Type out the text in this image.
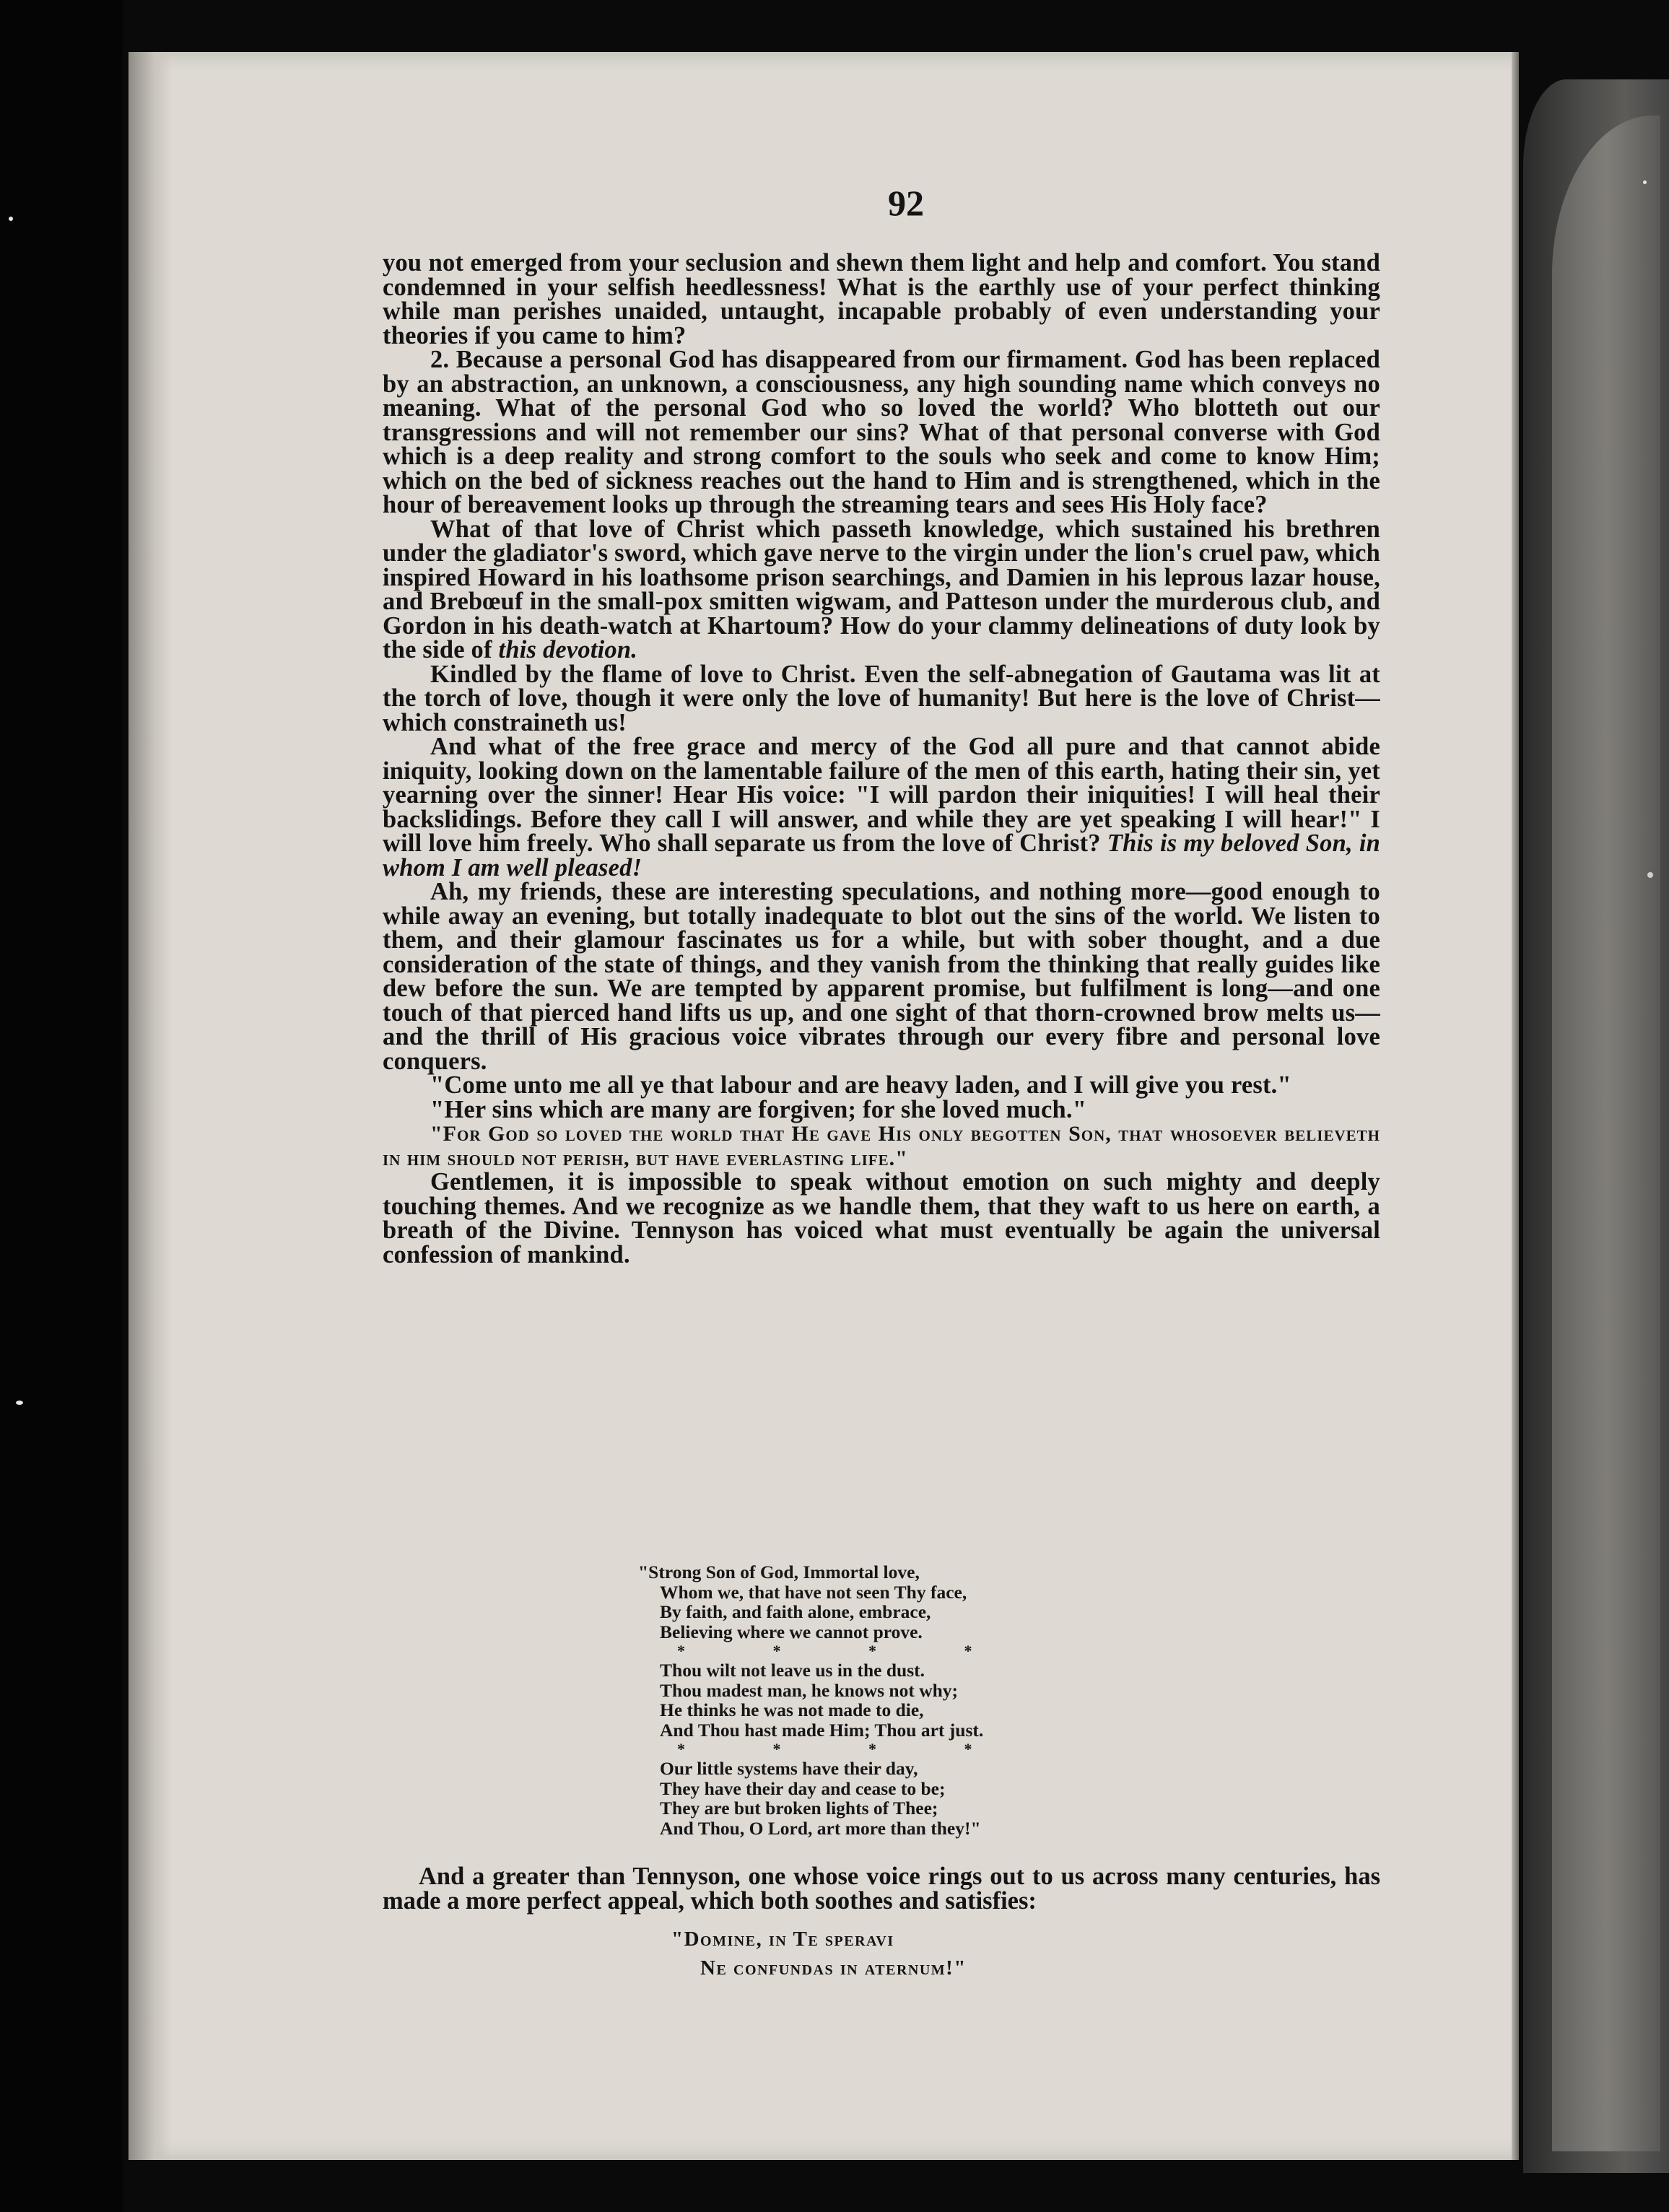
92

you not emerged from your seclusion and shewn them light and help and comfort. You stand condemned in your selfish heedlessness! What is the earthly use of your perfect thinking while man perishes unaided, untaught, incapable probably of even understanding your theories if you came to him?

2. Because a personal God has disappeared from our firmament. God has been replaced by an abstraction, an unknown, a consciousness, any high sounding name which conveys no meaning. What of the personal God who so loved the world? Who blotteth out our transgressions and will not remember our sins? What of that personal converse with God which is a deep reality and strong comfort to the souls who seek and come to know Him; which on the bed of sickness reaches out the hand to Him and is strengthened, which in the hour of bereavement looks up through the streaming tears and sees His Holy face?

What of that love of Christ which passeth knowledge, which sustained his brethren under the gladiator's sword, which gave nerve to the virgin under the lion's cruel paw, which inspired Howard in his loathsome prison searchings, and Damien in his leprous lazar house, and Brebœuf in the small-pox smitten wigwam, and Patteson under the murderous club, and Gordon in his death-watch at Khartoum? How do your clammy delineations of duty look by the side of this devotion.

Kindled by the flame of love to Christ. Even the self-abnegation of Gautama was lit at the torch of love, though it were only the love of humanity! But here is the love of Christ—which constraineth us!

And what of the free grace and mercy of the God all pure and that cannot abide iniquity, looking down on the lamentable failure of the men of this earth, hating their sin, yet yearning over the sinner! Hear His voice: "I will pardon their iniquities! I will heal their backslidings. Before they call I will answer, and while they are yet speaking I will hear!" I will love him freely. Who shall separate us from the love of Christ? This is my beloved Son, in whom I am well pleased!

Ah, my friends, these are interesting speculations, and nothing more—good enough to while away an evening, but totally inadequate to blot out the sins of the world. We listen to them, and their glamour fascinates us for a while, but with sober thought, and a due consideration of the state of things, and they vanish from the thinking that really guides like dew before the sun. We are tempted by apparent promise, but fulfilment is long—and one touch of that pierced hand lifts us up, and one sight of that thorn-crowned brow melts us—and the thrill of His gracious voice vibrates through our every fibre and personal love conquers.

"Come unto me all ye that labour and are heavy laden, and I will give you rest."

"Her sins which are many are forgiven; for she loved much."

"For God so loved the world that He gave His only begotten Son, that whosoever believeth in him should not perish, but have everlasting life."

Gentlemen, it is impossible to speak without emotion on such mighty and deeply touching themes. And we recognize as we handle them, that they waft to us here on earth, a breath of the Divine. Tennyson has voiced what must eventually be again the universal confession of mankind.

"Strong Son of God, Immortal love,
Whom we, that have not seen Thy face,
By faith, and faith alone, embrace,
Believing where we cannot prove.
* * * *
Thou wilt not leave us in the dust.
Thou madest man, he knows not why;
He thinks he was not made to die,
And Thou hast made Him; Thou art just.
* * * *
Our little systems have their day,
They have their day and cease to be;
They are but broken lights of Thee;
And Thou, O Lord, art more than they!"

And a greater than Tennyson, one whose voice rings out to us across many centuries, has made a more perfect appeal, which both soothes and satisfies:

"Domine, in Te speravi
Ne confundas in aternum!"
